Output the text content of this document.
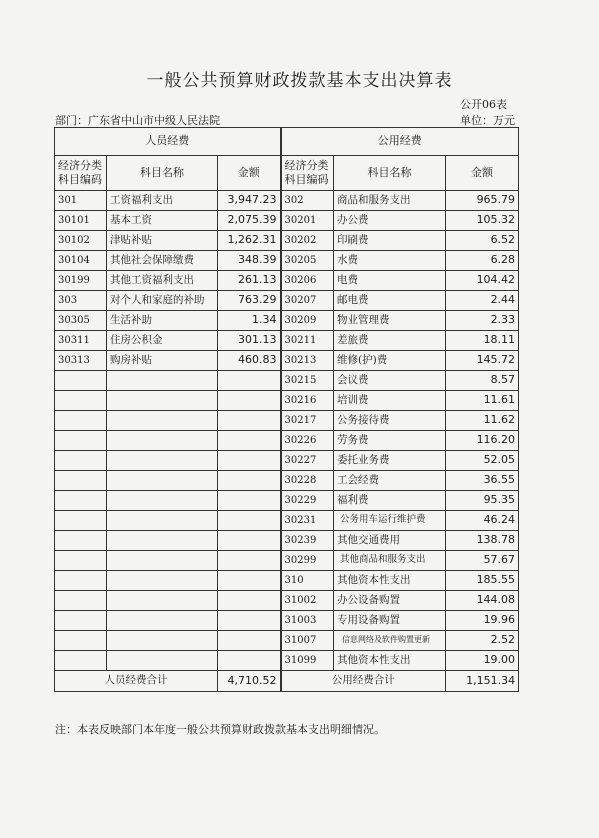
一般公共预算财政拨款基本支出决算表
公开06表
部门：广东省中山市中级人民法院	单位：万元
人员经费			公用经费		
经济分类科目编码	科目名称	金额	经济分类科目编码	科目名称	金额
301	工资福利支出	3,947.23	302	商品和服务支出	965.79
30101	基本工资	2,075.39	30201	办公费	105.32
30102	津贴补贴	1,262.31	30202	印刷费	6.52
30104	其他社会保障缴费	348.39	30205	水费	6.28
30199	其他工资福利支出	261.13	30206	电费	104.42
303	对个人和家庭的补助	763.29	30207	邮电费	2.44
30305	生活补助	1.34	30209	物业管理费	2.33
30311	住房公积金	301.13	30211	差旅费	18.11
30313	购房补贴	460.83	30213	维修(护)费	145.72
			30215	会议费	8.57
			30216	培训费	11.61
			30217	公务接待费	11.62
			30226	劳务费	116.20
			30227	委托业务费	52.05
			30228	工会经费	36.55
			30229	福利费	95.35
			30231	公务用车运行维护费	46.24
			30239	其他交通费用	138.78
			30299	其他商品和服务支出	57.67
			310	其他资本性支出	185.55
			31002	办公设备购置	144.08
			31003	专用设备购置	19.96
			31007	信息网络及软件购置更新	2.52
			31099	其他资本性支出	19.00
人员经费合计		4,710.52	公用经费合计		1,151.34
注：本表反映部门本年度一般公共预算财政拨款基本支出明细情况。
